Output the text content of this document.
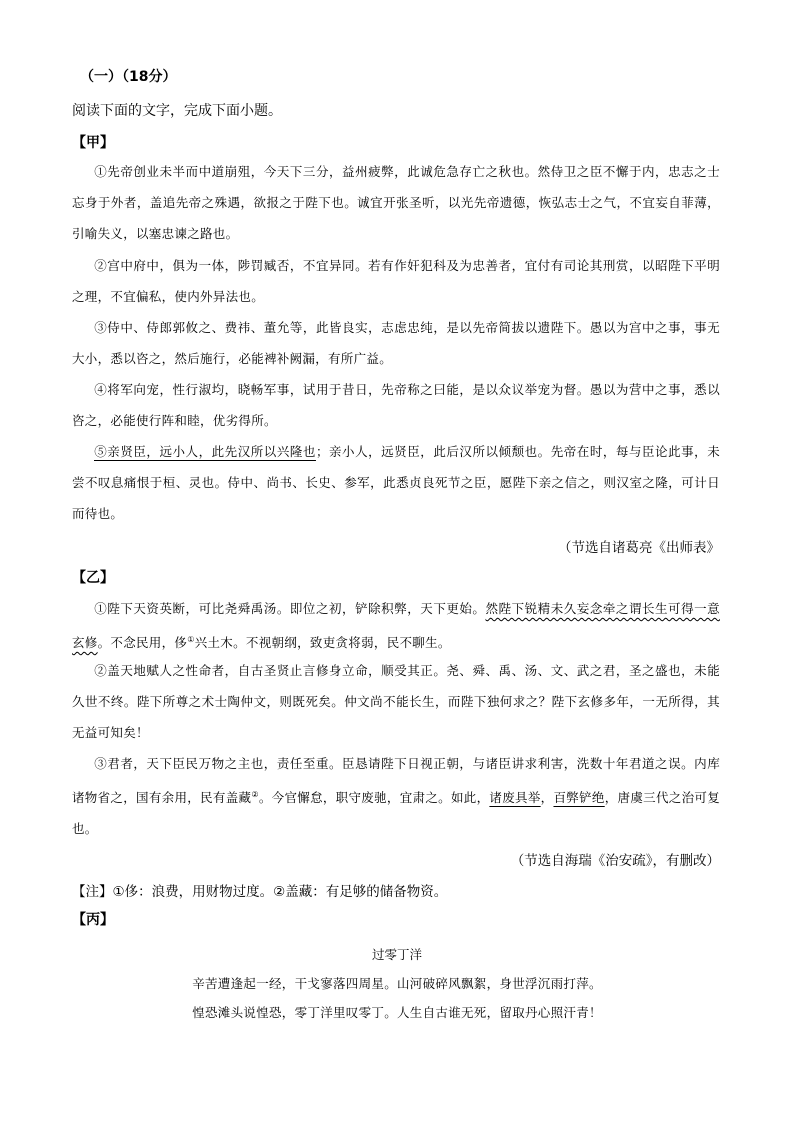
（一）（18分）
阅读下面的文字，完成下面小题。
【甲】
①先帝创业未半而中道崩殂，今天下三分，益州疲弊，此诚危急存亡之秋也。然侍卫之臣不懈于内，忠志之士忘身于外者，盖追先帝之殊遇，欲报之于陛下也。诚宜开张圣听，以光先帝遗德，恢弘志士之气，不宜妄自菲薄，引喻失义，以塞忠谏之路也。
②宫中府中，俱为一体，陟罚臧否，不宜异同。若有作奸犯科及为忠善者，宜付有司论其刑赏，以昭陛下平明之理，不宜偏私，使内外异法也。
③侍中、侍郎郭攸之、费祎、董允等，此皆良实，志虑忠纯，是以先帝简拔以遗陛下。愚以为宫中之事，事无大小，悉以咨之，然后施行，必能裨补阙漏，有所广益。
④将军向宠，性行淑均，晓畅军事，试用于昔日，先帝称之曰能，是以众议举宠为督。愚以为营中之事，悉以咨之，必能使行阵和睦，优劣得所。
⑤亲贤臣，远小人，此先汉所以兴隆也；亲小人，远贤臣，此后汉所以倾颓也。先帝在时，每与臣论此事，未尝不叹息痛恨于桓、灵也。侍中、尚书、长史、参军，此悉贞良死节之臣，愿陛下亲之信之，则汉室之隆，可计日而待也。
（节选自诸葛亮《出师表》
【乙】
①陛下天资英断，可比尧舜禹汤。即位之初，铲除积弊，天下更始。然陛下锐精未久妄念牵之谓长生可得一意玄修。不念民用，侈①兴土木。不视朝纲，致吏贪将弱，民不聊生。
②盖天地赋人之性命者，自古圣贤止言修身立命，顺受其正。尧、舜、禹、汤、文、武之君，圣之盛也，未能久世不终。陛下所尊之术士陶仲文，则既死矣。仲文尚不能长生，而陛下独何求之？陛下玄修多年，一无所得，其无益可知矣！
③君者，天下臣民万物之主也，责任至重。臣恳请陛下日视正朝，与诸臣讲求利害，洗数十年君道之误。内库诸物省之，国有余用，民有盖藏②。今官懈怠，职守废驰，宜肃之。如此，诸废具举，百弊铲绝，唐虞三代之治可复也。
（节选自海瑞《治安疏》，有删改）
【注】①侈：浪费，用财物过度。②盖藏：有足够的储备物资。
【丙】
过零丁洋
辛苦遭逢起一经，干戈寥落四周星。山河破碎风飘絮，身世浮沉雨打萍。
惶恐滩头说惶恐，零丁洋里叹零丁。人生自古谁无死，留取丹心照汗青！
